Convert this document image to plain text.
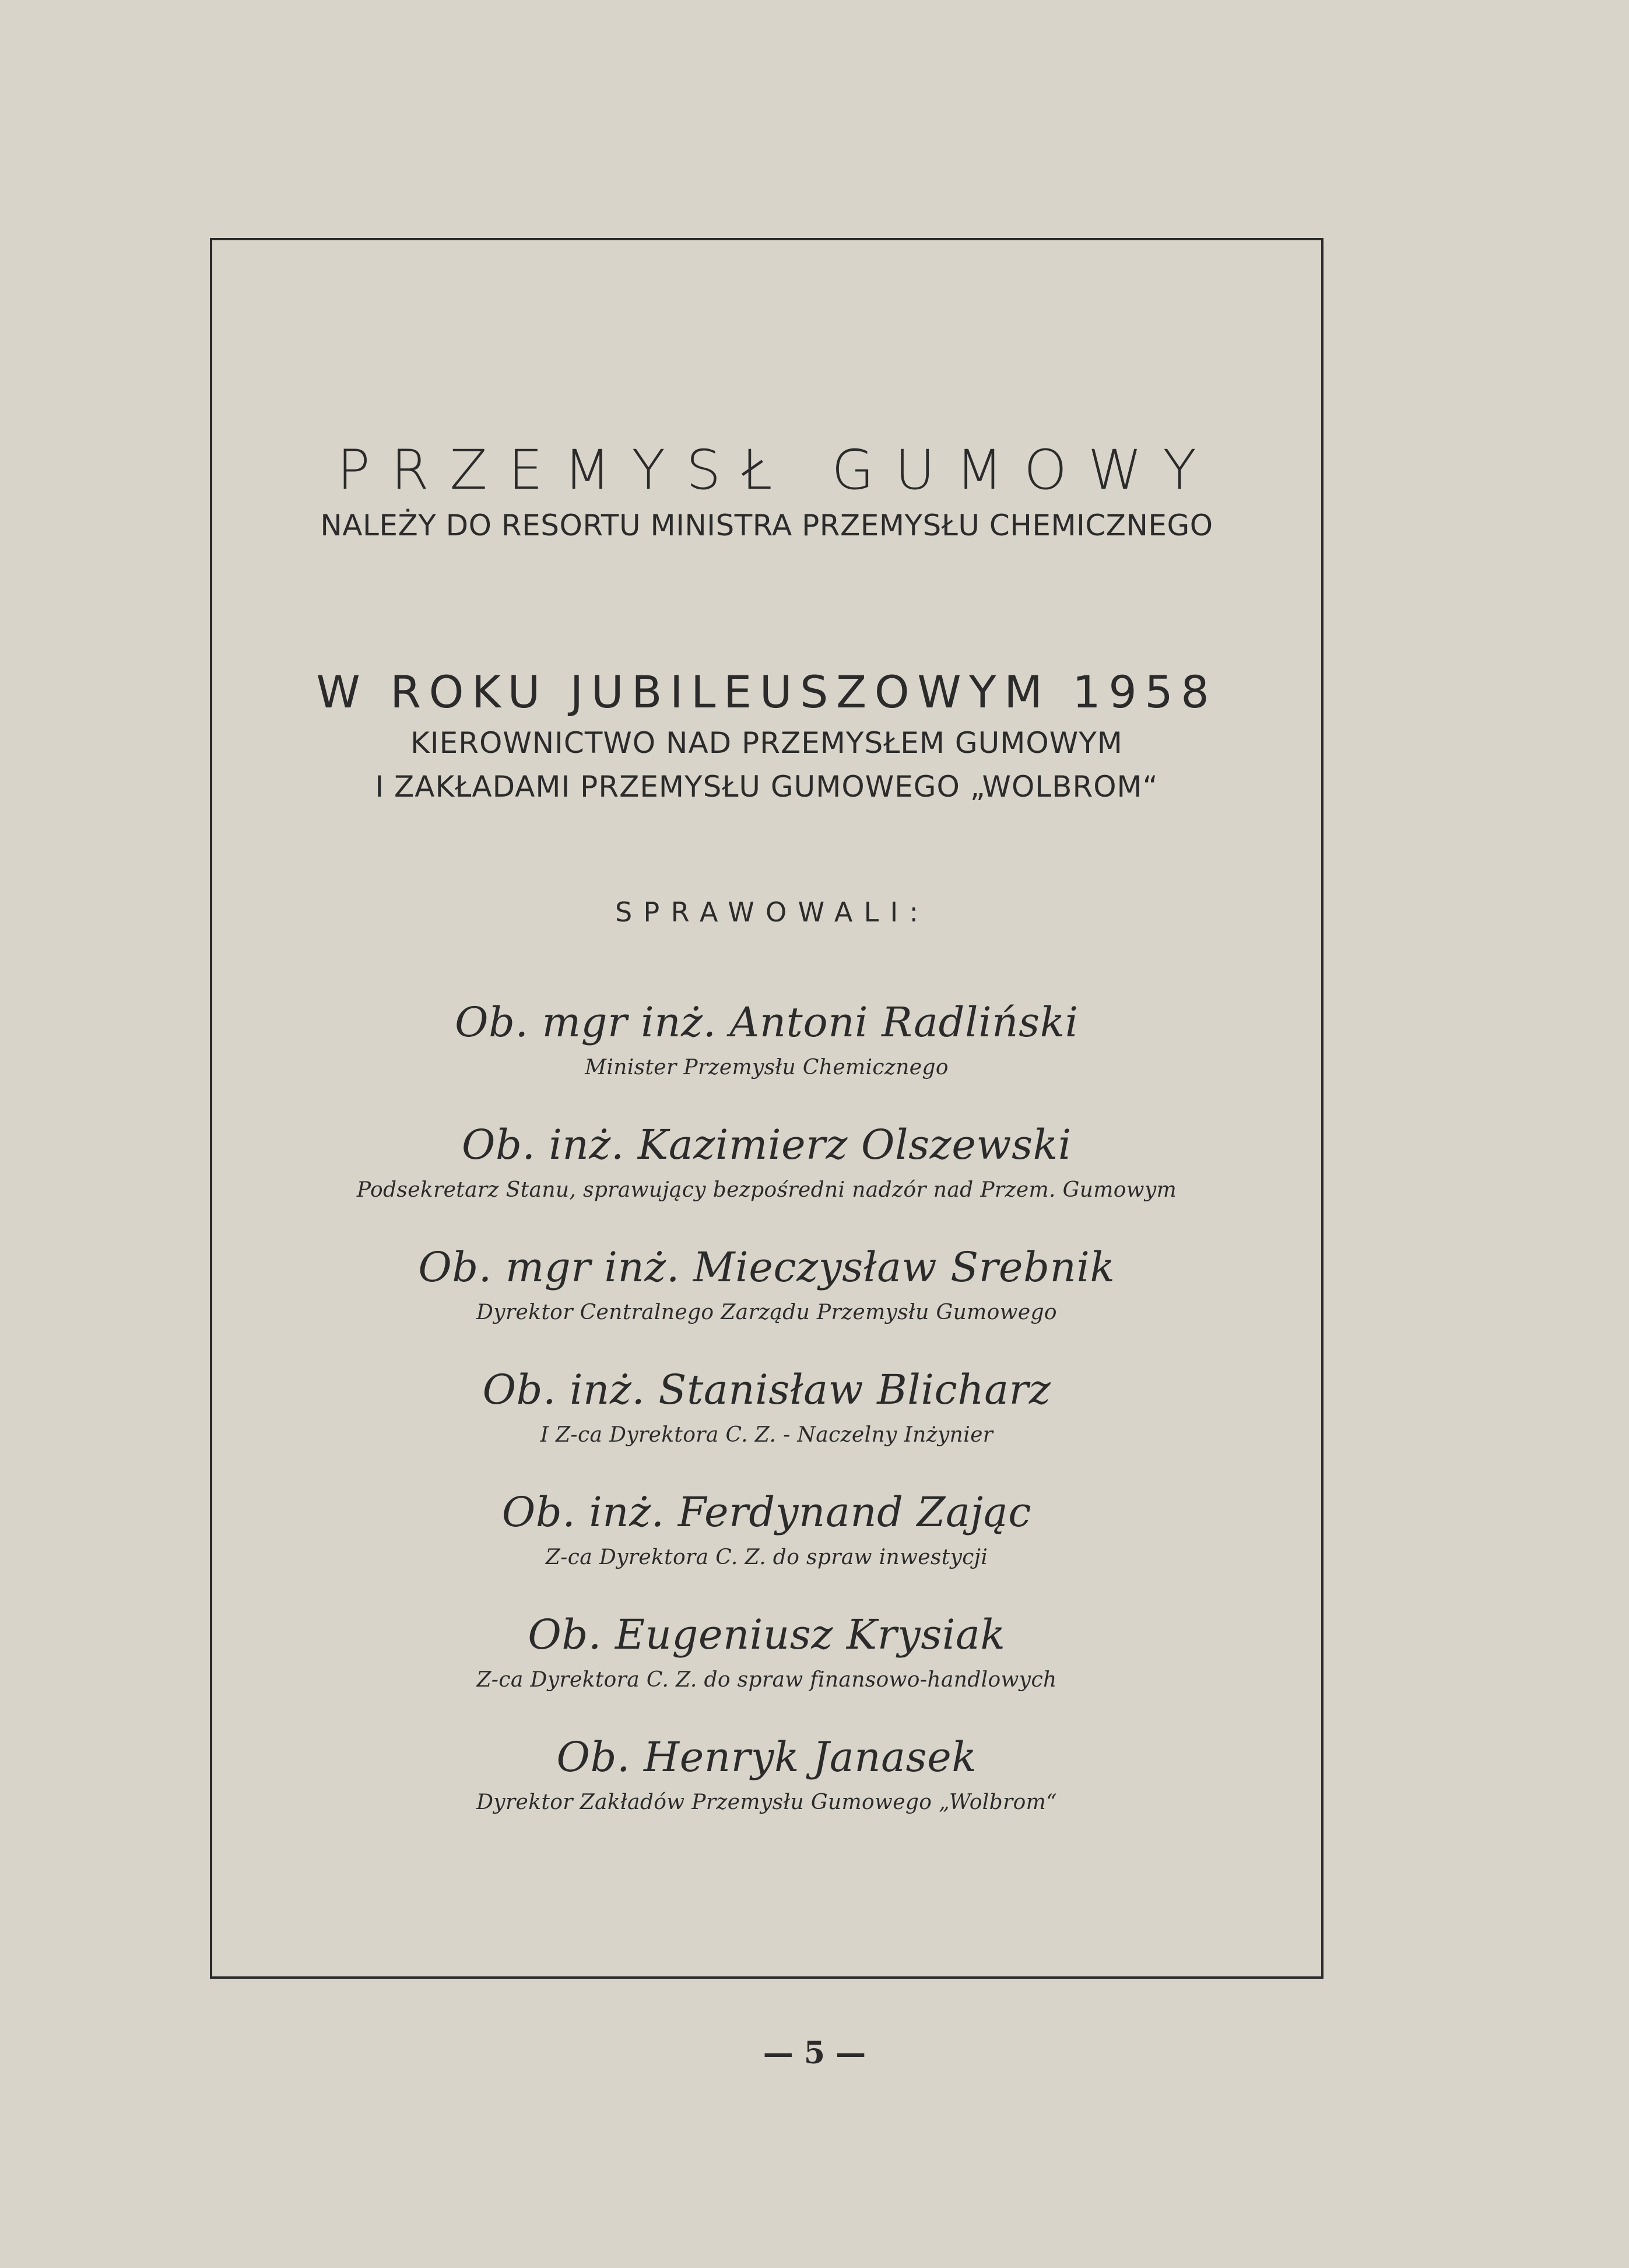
PRZEMYSŁ GUMOWY
NALEŻY DO RESORTU MINISTRA PRZEMYSŁU CHEMICZNEGO
W ROKU JUBILEUSZOWYM 1958
KIEROWNICTWO NAD PRZEMYSŁEM GUMOWYM
I ZAKŁADAMI PRZEMYSŁU GUMOWEGO „WOLBROM“
SPRAWOWALI:
Ob. mgr inż. Antoni Radliński
Minister Przemysłu Chemicznego
Ob. inż. Kazimierz Olszewski
Podsekretarz Stanu, sprawujący bezpośredni nadzór nad Przem. Gumowym
Ob. mgr inż. Mieczysław Srebnik
Dyrektor Centralnego Zarządu Przemysłu Gumowego
Ob. inż. Stanisław Blicharz
I Z-ca Dyrektora C. Z. - Naczelny Inżynier
Ob. inż. Ferdynand Zając
Z-ca Dyrektora C. Z. do spraw inwestycji
Ob. Eugeniusz Krysiak
Z-ca Dyrektora C. Z. do spraw finansowo-handlowych
Ob. Henryk Janasek
Dyrektor Zakładów Przemysłu Gumowego „Wolbrom“
— 5 —
